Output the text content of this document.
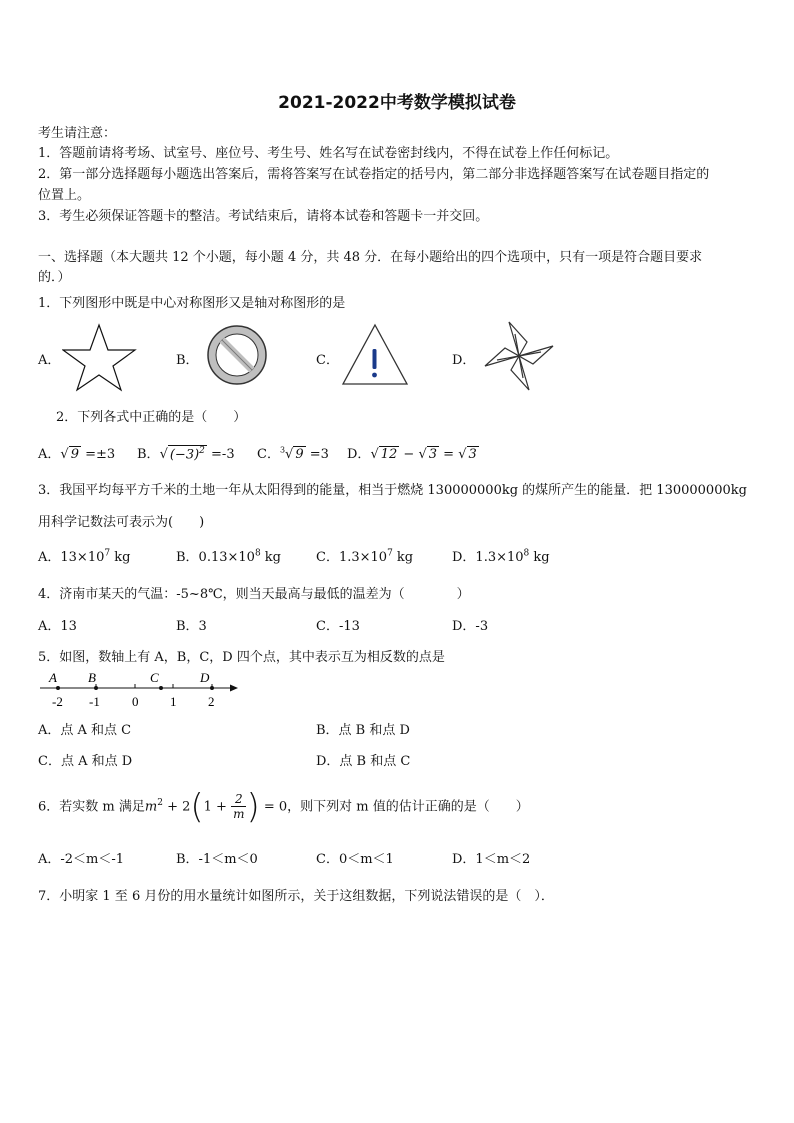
2021-2022中考数学模拟试卷
考生请注意：
1．答题前请将考场、试室号、座位号、考生号、姓名写在试卷密封线内，不得在试卷上作任何标记。
2．第一部分选择题每小题选出答案后，需将答案写在试卷指定的括号内，第二部分非选择题答案写在试卷题目指定的
位置上。
3．考生必须保证答题卡的整洁。考试结束后，请将本试卷和答题卡一并交回。
一、选择题（本大题共 12 个小题，每小题 4 分，共 48 分．在每小题给出的四个选项中，只有一项是符合题目要求
的．）
1．下列图形中既是中心对称图形又是轴对称图形的是
A．	B．	C．	D．
2．下列各式中正确的是（　　）
A．√ 9 =±3 B．√ $(-3)^2 =-3$ C．$^3$√ 9 =3 D．√ 12 − √ 3 = √ 3
3．我国平均每平方千米的土地一年从太阳得到的能量，相当于燃烧 130000000kg 的煤所产生的能量．把 130000000kg
用科学记数法可表示为(　　)
A．$13\times 10^7$ kg	B．$0.13\times 10^8$ kg	C．$1.3\times 10^7$ kg	D．$1.3\times 10^8$ kg
4．济南市某天的气温：-5~8℃，则当天最高与最低的温差为（　　　　）
A．13	B．3	C．-13	D．-3
5．如图，数轴上有 A，B，C，D 四个点，其中表示互为相反数的点是
A B	C	D
-2 -1 0 1 2
A．点 A 和点 C	B．点 B 和点 D
C．点 A 和点 D	D．点 B 和点 C
6．若实数 m 满足$m^2 + 2(1 + \frac{2}{m}$ ) = 0，则下列对 m 值的估计正确的是（　　）
A．-2＜m＜-1	B．-1＜m＜0	C．0＜m＜1	D．1＜m＜2
7．小明家 1 至 6 月份的用水量统计如图所示，关于这组数据，下列说法错误的是（　）．
